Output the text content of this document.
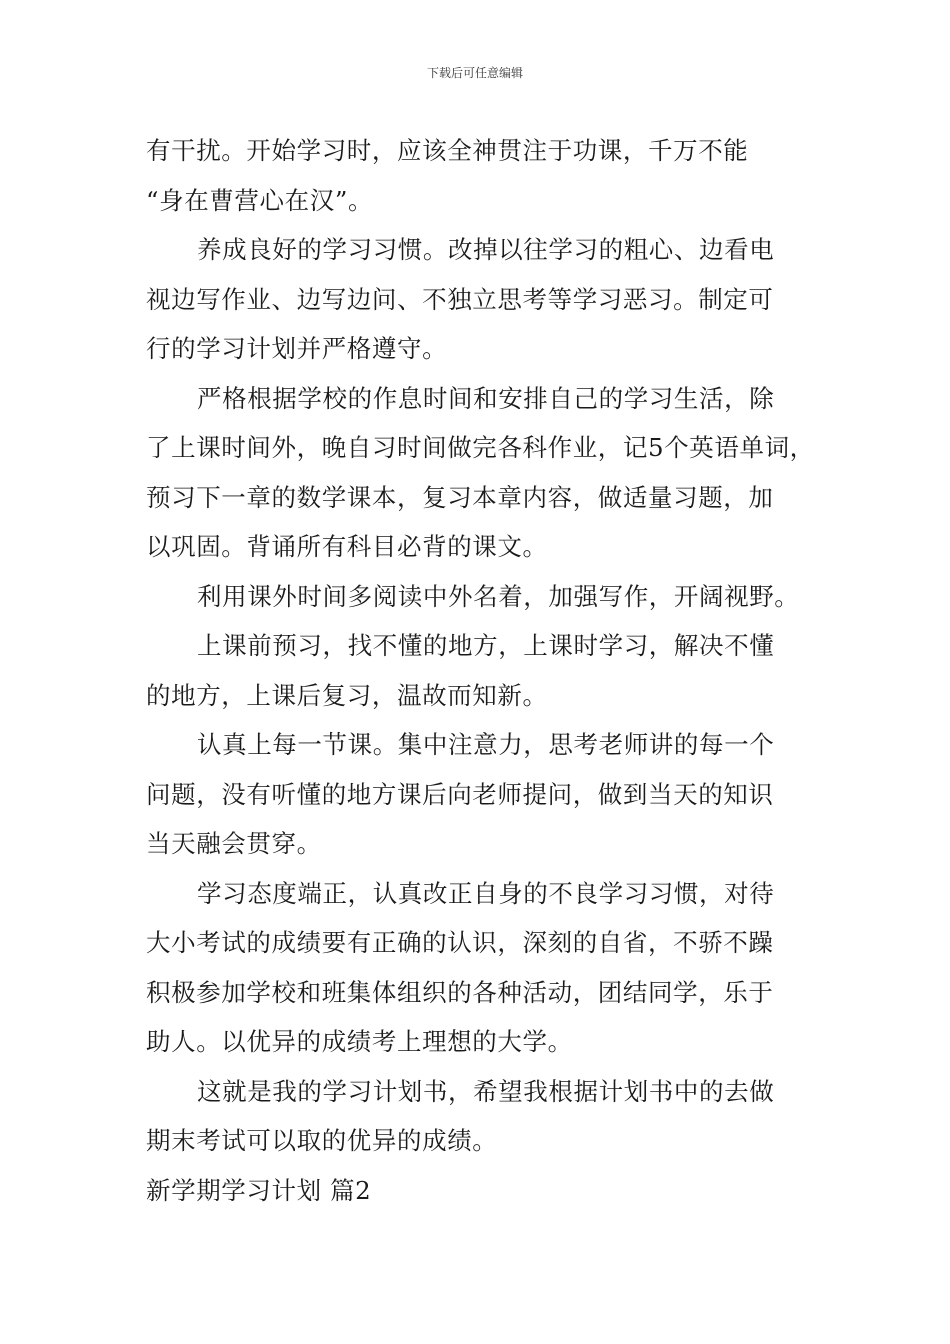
下载后可任意编辑
有干扰。开始学习时，应该全神贯注于功课，千万不能
“身在曹营心在汉”。
养成良好的学习习惯。改掉以往学习的粗心、边看电
视边写作业、边写边问、不独立思考等学习恶习。制定可
行的学习计划并严格遵守。
严格根据学校的作息时间和安排自己的学习生活，除
了上课时间外，晚自习时间做完各科作业，记5个英语单词，
预习下一章的数学课本，复习本章内容，做适量习题，加
以巩固。背诵所有科目必背的课文。
利用课外时间多阅读中外名着，加强写作，开阔视野。
上课前预习，找不懂的地方，上课时学习，解决不懂
的地方，上课后复习，温故而知新。
认真上每一节课。集中注意力，思考老师讲的每一个
问题，没有听懂的地方课后向老师提问，做到当天的知识
当天融会贯穿。
学习态度端正，认真改正自身的不良学习习惯，对待
大小考试的成绩要有正确的认识，深刻的自省，不骄不躁
积极参加学校和班集体组织的各种活动，团结同学，乐于
助人。以优异的成绩考上理想的大学。
这就是我的学习计划书，希望我根据计划书中的去做
期末考试可以取的优异的成绩。
新学期学习计划 篇2
